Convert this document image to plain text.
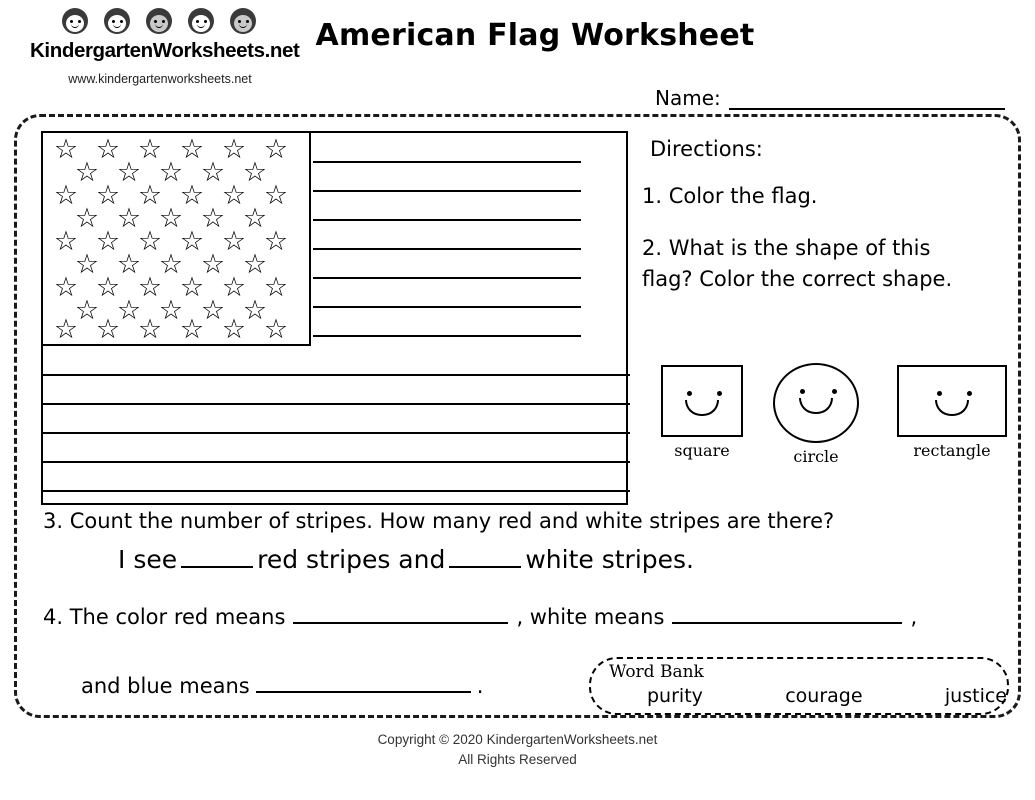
KindergartenWorksheets.net
www.kindergartenworksheets.net
American Flag Worksheet
Name:
☆ ☆ ☆ ☆ ☆ ☆
☆ ☆ ☆ ☆ ☆
☆ ☆ ☆ ☆ ☆ ☆
☆ ☆ ☆ ☆ ☆
☆ ☆ ☆ ☆ ☆ ☆
☆ ☆ ☆ ☆ ☆
☆ ☆ ☆ ☆ ☆ ☆
☆ ☆ ☆ ☆ ☆
☆ ☆ ☆ ☆ ☆ ☆
Directions:
1. Color the flag.
2. What is the shape of this
flag? Color the correct shape.
square	circle	rectangle
3. Count the number of stripes. How many red and white stripes are there?
I see	red stripes and	white stripes.
4. The color red means	, white means	,
and blue means	.
Word Bank
purity	courage	justice
Copyright © 2020 KindergartenWorksheets.net
All Rights Reserved
